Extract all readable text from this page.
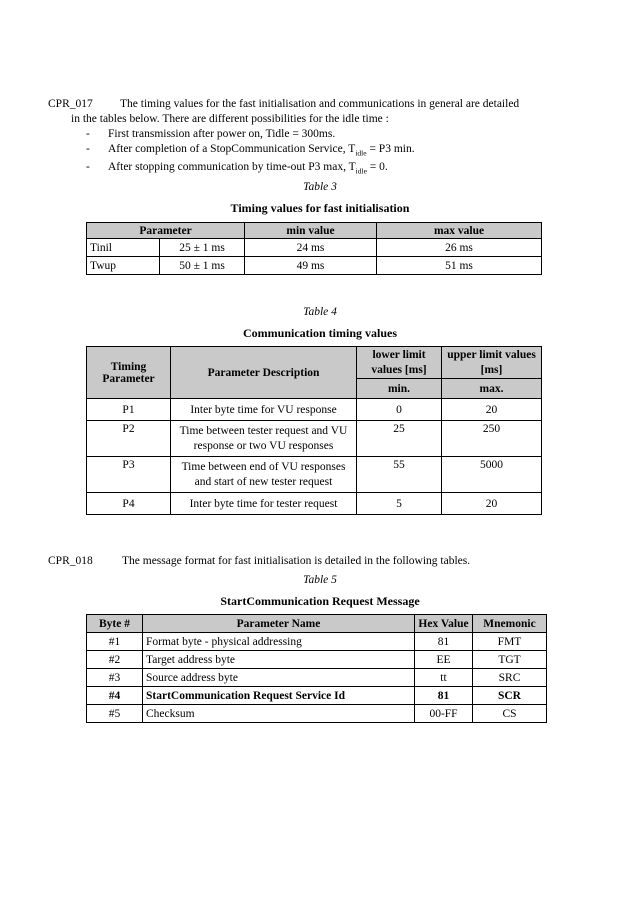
CPR_017 The timing values for the fast initialisation and communications in general are detailed
in the tables below. There are different possibilities for the idle time :
- First transmission after power on, Tidle = 300ms.
- After completion of a StopCommunication Service, $T_{idle} = P3$ min.
- After stopping communication by time-out P3 max, $T_{idle} = 0$.
Table 3
Timing values for fast initialisation
Parameter		min value	max value
Tinil	25 ± 1 ms	24 ms	26 ms
Twup	50 ± 1 ms	49 ms	51 ms
Table 4
Communication timing values
Timing Parameter	Parameter Description	lower limit values [ms]	upper limit values [ms]
		min.	max.
P1	Inter byte time for VU response	0	20
P2	Time between tester request and VU response or two VU responses	25	250
P3	Time between end of VU responses and start of new tester request	55	5000
P4	Inter byte time for tester request	5	20
CPR_018	The message format for fast initialisation is detailed in the following tables.
Table 5
StartCommunication Request Message
Byte #	Parameter Name	Hex Value	Mnemonic
#1	Format byte - physical addressing	81	FMT
#2	Target address byte	EE	TGT
#3	Source address byte	tt	SRC
#4	StartCommunication Request Service Id	81	SCR
#5	Checksum	00-FF	CS
